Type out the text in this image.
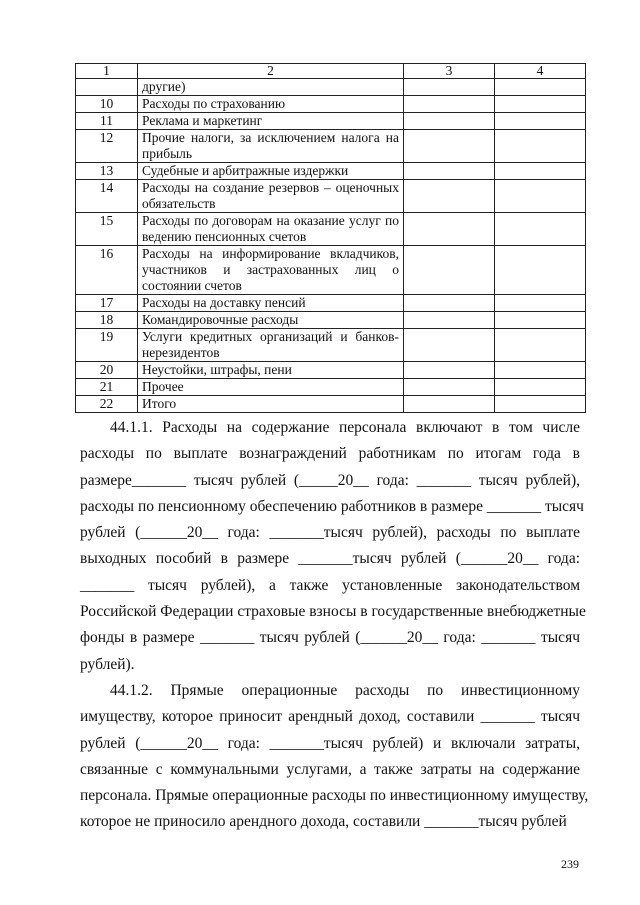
1	2	3	4
	другие)		
10	Расходы по страхованию		
11	Реклама и маркетинг		
12	Прочие налоги, за исключением налога на прибыль		
13	Судебные и арбитражные издержки		
14	Расходы на создание резервов – оценочных обязательств		
15	Расходы по договорам на оказание услуг по ведению пенсионных счетов		
16	Расходы на информирование вкладчиков, участников и застрахованных лиц о состоянии счетов		
17	Расходы на доставку пенсий		
18	Командировочные расходы		
19	Услуги кредитных организаций и банков-нерезидентов		
20	Неустойки, штрафы, пени		
21	Прочее		
22	Итого		
44.1.1. Расходы на содержание персонала включают в том числе
расходы по выплате вознаграждений работникам по итогам года в
размере_______ тысяч рублей (_____20__ года: _______ тысяч рублей),
расходы по пенсионному обеспечению работников в размере _______ тысяч
рублей (______20__ года: _______тысяч рублей), расходы по выплате
выходных пособий в размере _______тысяч рублей (______20__ года:
_______ тысяч рублей), а также установленные законодательством
Российской Федерации страховые взносы в государственные внебюджетные
фонды в размере _______ тысяч рублей (______20__ года: _______ тысяч
рублей).
44.1.2. Прямые операционные расходы по инвестиционному
имуществу, которое приносит арендный доход, составили _______ тысяч
рублей (______20__ года: _______тысяч рублей) и включали затраты,
связанные с коммунальными услугами, а также затраты на содержание
персонала. Прямые операционные расходы по инвестиционному имуществу,
которое не приносило арендного дохода, составили _______тысяч рублей
239
